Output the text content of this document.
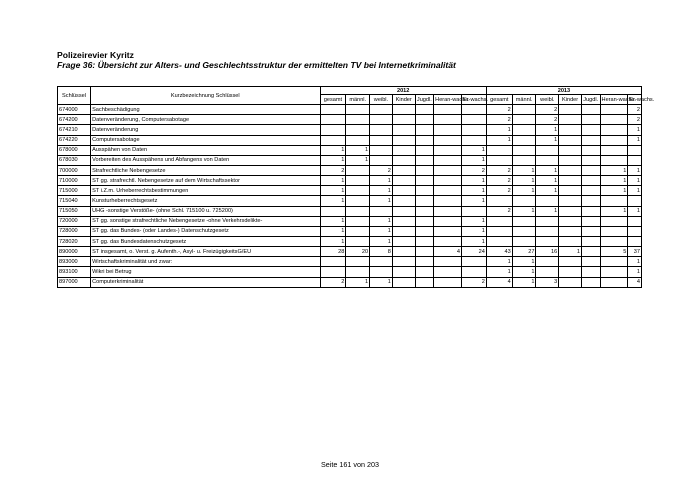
Polizeirevier Kyritz
Frage 36: Übersicht zur Alters- und Geschlechtsstruktur der ermittelten TV bei Internetkriminalität
Schlüssel	Kurzbezeichnung Schlüssel	2012							2013						
		gesamt	männl.	weibl.	Kinder	Jugdl.	Heran-wachs.	Er-wachs.	gesamt	männl.	weibl.	Kinder	Jugdl.	Heran-wachs.	Er-wachs.
674000	Sachbeschädigung								2		2				2
674200	Datenveränderung, Computersabotage								2		2				2
674210	Datenveränderung								1		1				1
674220	Computersabotage								1		1				1
678000	Ausspähen von Daten	1	1					1							
678030	Vorbereiten des Ausspähens und Abfangens von Daten	1	1					1							
700000	Strafrechtliche Nebengesetze	2		2				2	2	1	1			1	1
710000	ST gg. strafrechtl. Nebengesetze auf dem Wirtschaftssektor	1		1				1	2	1	1			1	1
715000	ST i.Z.m. Urheberrechtsbestimmungen	1		1				1	2	1	1			1	1
715040	Kunsturheberrechtsgesetz	1		1				1							
715050	UHG -sonstige Verstöße- (ohne Schl. 715100 u. 725200)								2	1	1			1	1
720000	ST gg. sonstige strafrechtliche Nebengesetze -ohne Verkehrsdelikte-	1		1				1							
728000	ST gg. das Bundes- (oder Landes-) Datenschutzgesetz	1		1				1							
728020	ST gg. das Bundesdatenschutzgesetz	1		1				1							
890000	ST insgesamt, o. Verst. g. Aufenth.-, Asyl- u. FreizügigkeitsG/EU	28	20	8			4	24	43	27	16	1		5	37
893000	Wirtschaftskriminalität und zwar:								1	1					1
893100	Wikri bei Betrug								1	1					1
897000	Computerkriminalität	2	1	1				2	4	1	3				4
Seite 161 von 203
